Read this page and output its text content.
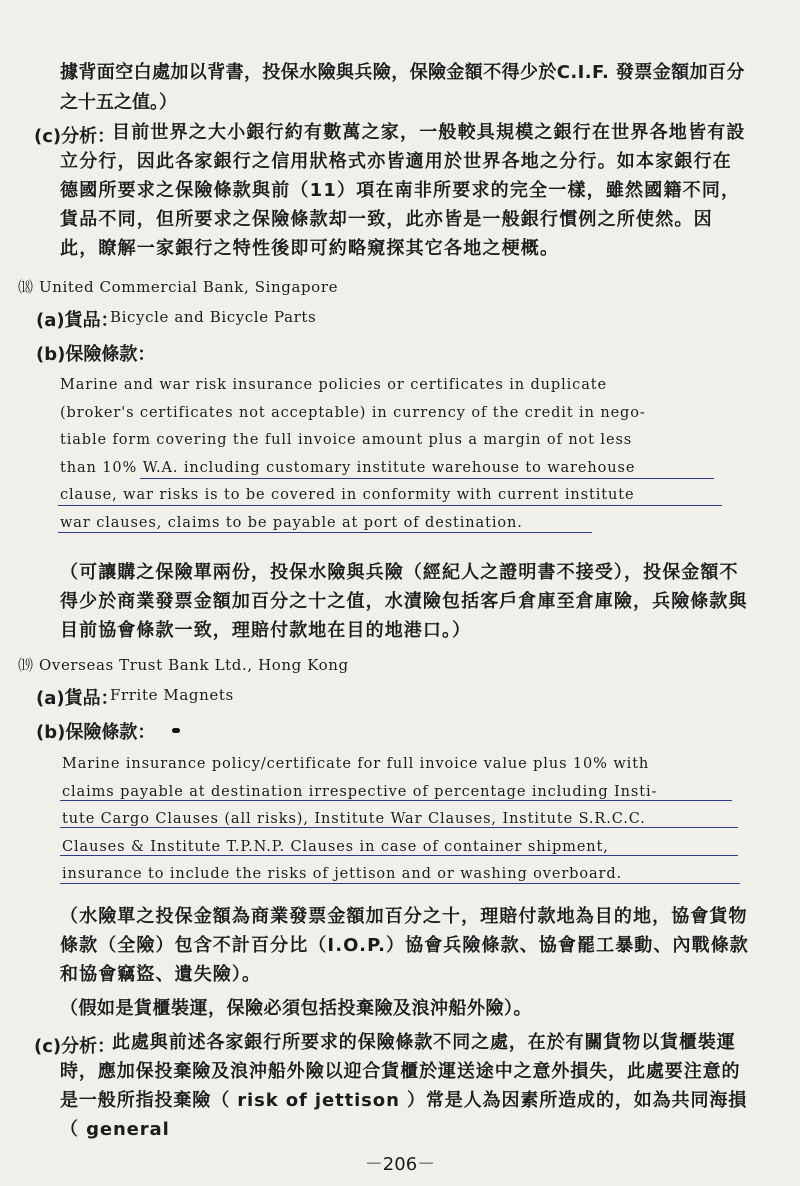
據背面空白處加以背書，投保水險與兵險，保險金額不得少於C.I.F. 發票金額加百分
之十五之值。）
(c)分析：
目前世界之大小銀行約有數萬之家，一般較具規模之銀行在世界各地皆有設立分行，因此各家銀行之信用狀格式亦皆適用於世界各地之分行。如本家銀行在德國所要求之保險條款與前（11）項在南非所要求的完全一樣，雖然國籍不同，貨品不同，但所要求之保險條款却一致，此亦皆是一般銀行慣例之所使然。因此，瞭解一家銀行之特性後即可約略窺探其它各地之梗概。
⒅ United Commercial Bank, Singapore
(a)貨品：
Bicycle and Bicycle Parts
(b)保險條款：
Marine and war risk insurance policies or certificates in duplicate
(broker's certificates not acceptable) in currency of the credit in nego-
tiable form covering the full invoice amount plus a margin of not less
than 10% W.A. including customary institute warehouse to warehouse
clause, war risks is to be covered in conformity with current institute
war clauses, claims to be payable at port of destination.
（可讓購之保險單兩份，投保水險與兵險（經紀人之證明書不接受），投保金額不得少於商業發票金額加百分之十之值，水漬險包括客戶倉庫至倉庫險，兵險條款與目前協會條款一致，理賠付款地在目的地港口。）
⒆ Overseas Trust Bank Ltd., Hong Kong
(a)貨品：
Frrite Magnets
(b)保險條款：
Marine insurance policy/certificate for full invoice value plus 10% with
claims payable at destination irrespective of percentage including Insti-
tute Cargo Clauses (all risks), Institute War Clauses, Institute S.R.C.C.
Clauses & Institute T.P.N.P. Clauses in case of container shipment,
insurance to include the risks of jettison and or washing overboard.
（水險單之投保金額為商業發票金額加百分之十，理賠付款地為目的地，協會貨物條款（全險）包含不計百分比（I.O.P.）協會兵險條款、協會罷工暴動、內戰條款和協會竊盜、遺失險）。
（假如是貨櫃裝運，保險必須包括投棄險及浪沖船外險）。
(c)分析：
此處與前述各家銀行所要求的保險條款不同之處，在於有關貨物以貨櫃裝運時，應加保投棄險及浪沖船外險以迎合貨櫃於運送途中之意外損失，此處要注意的是一般所指投棄險（ risk of jettison ）常是人為因素所造成的，如為共同海損（ general
－206－
